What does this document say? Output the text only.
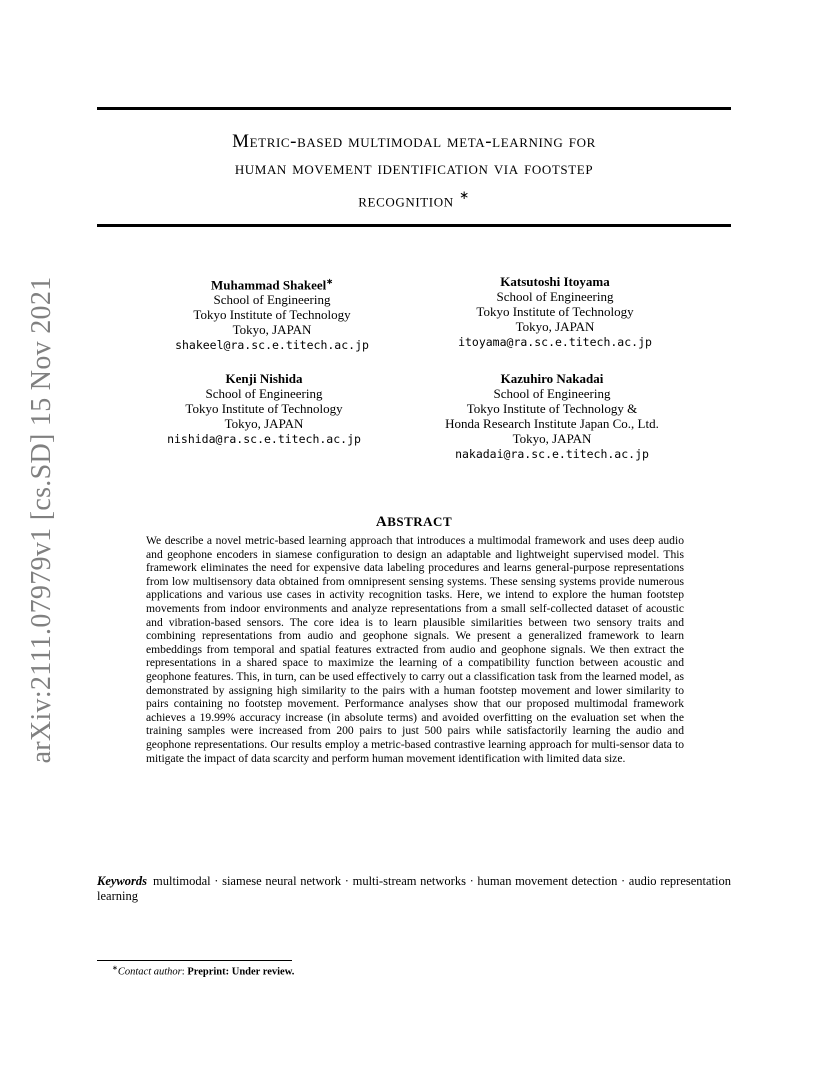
arXiv:2111.07979v1 [cs.SD] 15 Nov 2021
Metric-based multimodal meta-learning for
human movement identification via footstep
recognition ∗
Muhammad Shakeel∗
School of Engineering
Tokyo Institute of Technology
Tokyo, JAPAN
shakeel@ra.sc.e.titech.ac.jp
Katsutoshi Itoyama
School of Engineering
Tokyo Institute of Technology
Tokyo, JAPAN
itoyama@ra.sc.e.titech.ac.jp
Kenji Nishida
School of Engineering
Tokyo Institute of Technology
Tokyo, JAPAN
nishida@ra.sc.e.titech.ac.jp
Kazuhiro Nakadai
School of Engineering
Tokyo Institute of Technology &
Honda Research Institute Japan Co., Ltd.
Tokyo, JAPAN
nakadai@ra.sc.e.titech.ac.jp
ABSTRACT
We describe a novel metric-based learning approach that introduces a multimodal framework and uses deep audio and geophone encoders in siamese configuration to design an adaptable and lightweight supervised model. This framework eliminates the need for expensive data labeling procedures and learns general-purpose representations from low multisensory data obtained from omnipresent sensing systems. These sensing systems provide numerous applications and various use cases in activity recognition tasks. Here, we intend to explore the human footstep movements from indoor environments and analyze representations from a small self-collected dataset of acoustic and vibration-based sensors. The core idea is to learn plausible similarities between two sensory traits and combining representations from audio and geophone signals. We present a generalized framework to learn embeddings from temporal and spatial features extracted from audio and geophone signals. We then extract the representations in a shared space to maximize the learning of a compatibility function between acoustic and geophone features. This, in turn, can be used effectively to carry out a classification task from the learned model, as demonstrated by assigning high similarity to the pairs with a human footstep movement and lower similarity to pairs containing no footstep movement. Performance analyses show that our proposed multimodal framework achieves a 19.99% accuracy increase (in absolute terms) and avoided overfitting on the evaluation set when the training samples were increased from 200 pairs to just 500 pairs while satisfactorily learning the audio and geophone representations. Our results employ a metric-based contrastive learning approach for multi-sensor data to mitigate the impact of data scarcity and perform human movement identification with limited data size.
Keywords multimodal · siamese neural network · multi-stream networks · human movement detection · audio representation learning
∗Contact author: Preprint: Under review.
